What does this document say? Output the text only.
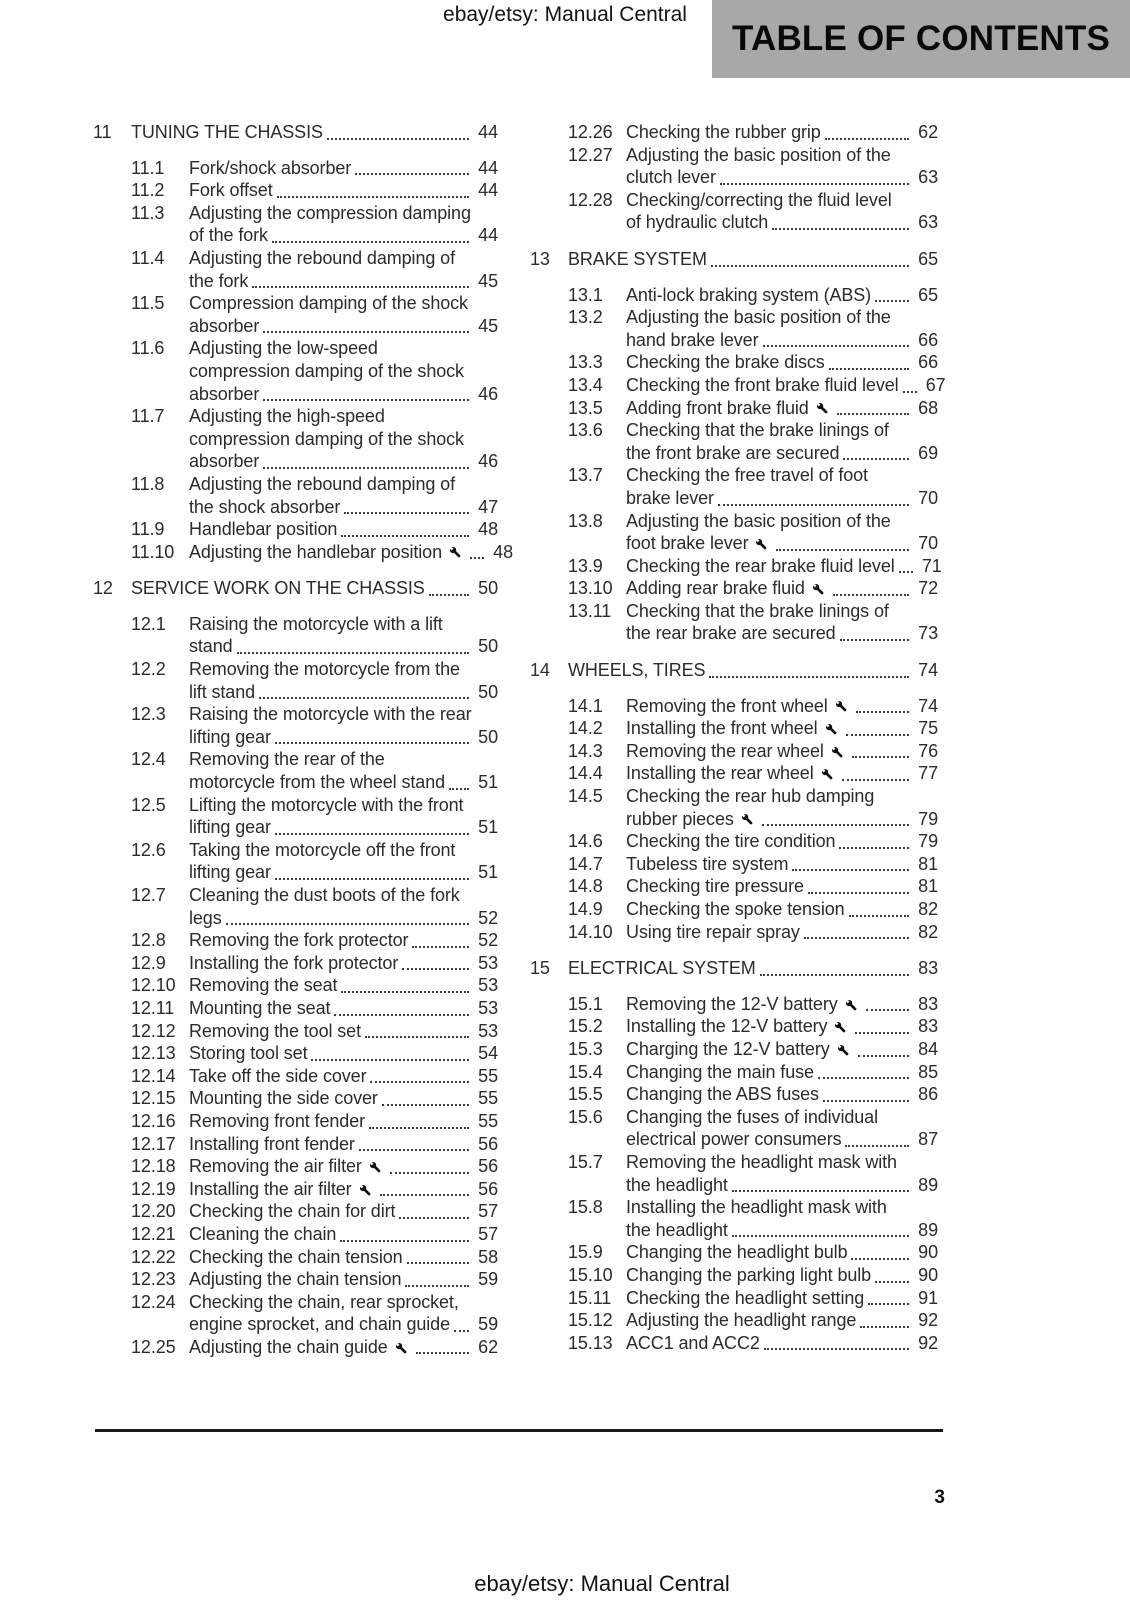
ebay/etsy: Manual Central
TABLE OF CONTENTS
11	TUNING THE CHASSIS	44
11.1	Fork/shock absorber	44
11.2	Fork offset	44
11.3	Adjusting the compression damping
of the fork	44
11.4	Adjusting the rebound damping of
the fork	45
11.5	Compression damping of the shock
absorber	45
11.6	Adjusting the low-speed
compression damping of the shock
absorber	46
11.7	Adjusting the high-speed
compression damping of the shock
absorber	46
11.8	Adjusting the rebound damping of
the shock absorber	47
11.9	Handlebar position	48
11.10 Adjusting the handlebar position	48
12	SERVICE WORK ON THE CHASSIS	50
12.1	Raising the motorcycle with a lift
stand	50
12.2	Removing the motorcycle from the
lift stand	50
12.3	Raising the motorcycle with the rear
lifting gear	50
12.4	Removing the rear of the
motorcycle from the wheel stand 51
12.5	Lifting the motorcycle with the front
lifting gear	51
12.6	Taking the motorcycle off the front
lifting gear	51
12.7	Cleaning the dust boots of the fork
legs	52
12.8	Removing the fork protector	52
12.9	Installing the fork protector	53
12.10 Removing the seat	53
12.11 Mounting the seat	53
12.12 Removing the tool set	53
12.13 Storing tool set	54
12.14 Take off the side cover	55
12.15 Mounting the side cover	55
12.16 Removing front fender	55
12.17 Installing front fender	56
12.18 Removing the air filter	56
12.19 Installing the air filter	56
12.20 Checking the chain for dirt	57
12.21 Cleaning the chain	57
12.22 Checking the chain tension	58
12.23 Adjusting the chain tension	59
12.24 Checking the chain, rear sprocket,
engine sprocket, and chain guide 59
12.25 Adjusting the chain guide	62
12.26 Checking the rubber grip	62
12.27 Adjusting the basic position of the
clutch lever	63
12.28 Checking/correcting the fluid level
of hydraulic clutch	63
13	BRAKE SYSTEM	65
13.1	Anti-lock braking system (ABS)	65
13.2	Adjusting the basic position of the
hand brake lever	66
13.3	Checking the brake discs	66
13.4	Checking the front brake fluid level 67
13.5	Adding front brake fluid	68
13.6	Checking that the brake linings of
the front brake are secured	69
13.7	Checking the free travel of foot
brake lever	70
13.8	Adjusting the basic position of the
foot brake lever	70
13.9	Checking the rear brake fluid level 71
13.10 Adding rear brake fluid	72
13.11 Checking that the brake linings of
the rear brake are secured	73
14	WHEELS, TIRES	74
14.1	Removing the front wheel	74
14.2	Installing the front wheel	75
14.3	Removing the rear wheel	76
14.4	Installing the rear wheel	77
14.5	Checking the rear hub damping
rubber pieces	79
14.6	Checking the tire condition	79
14.7	Tubeless tire system	81
14.8	Checking tire pressure	81
14.9	Checking the spoke tension	82
14.10 Using tire repair spray	82
15	ELECTRICAL SYSTEM	83
15.1	Removing the 12-V battery	83
15.2	Installing the 12-V battery	83
15.3	Charging the 12-V battery	84
15.4	Changing the main fuse	85
15.5	Changing the ABS fuses	86
15.6	Changing the fuses of individual
electrical power consumers	87
15.7	Removing the headlight mask with
the headlight	89
15.8	Installing the headlight mask with
the headlight	89
15.9	Changing the headlight bulb	90
15.10 Changing the parking light bulb	90
15.11 Checking the headlight setting	91
15.12 Adjusting the headlight range	92
15.13 ACC1 and ACC2	92
3
ebay/etsy: Manual Central
